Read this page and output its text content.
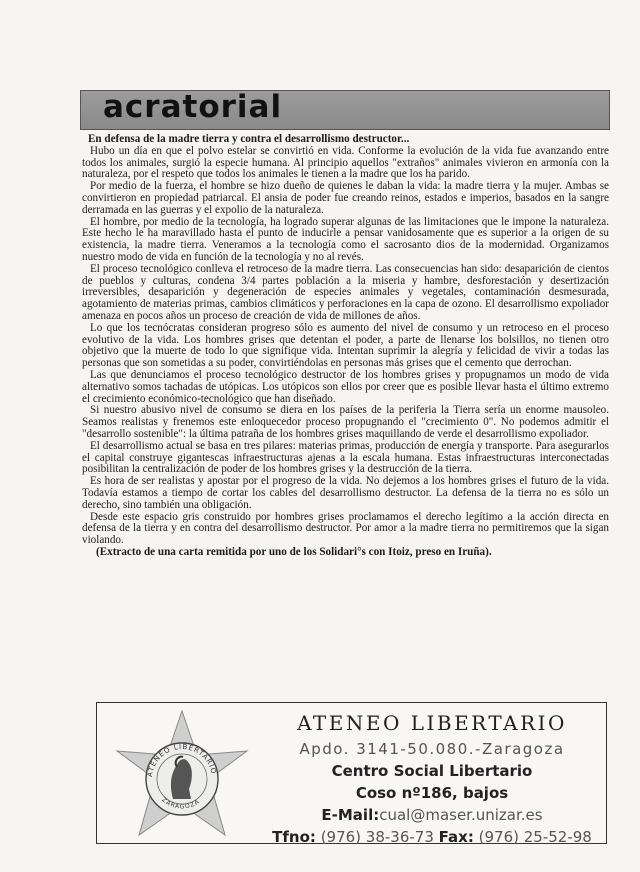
acratorial

En defensa de la madre tierra y contra el desarrollismo destructor...

Hubo un día en que el polvo estelar se convirtió en vida. Conforme la evolución de la vida fue avanzando entre todos los animales, surgió la especie humana. Al principio aquellos "extraños" animales vivieron en armonía con la naturaleza, por el respeto que todos los animales le tienen a la madre que los ha parido.

Por medio de la fuerza, el hombre se hizo dueño de quienes le daban la vida: la madre tierra y la mujer. Ambas se convirtieron en propiedad patriarcal. El ansia de poder fue creando reinos, estados e imperios, basados en la sangre derramada en las guerras y el expolio de la naturaleza.

El hombre, por medio de la tecnología, ha logrado superar algunas de las limitaciones que le impone la naturaleza. Este hecho le ha maravillado hasta el punto de inducirle a pensar vanidosamente que es superior a la origen de su existencia, la madre tierra. Veneramos a la tecnología como el sacrosanto dios de la modernidad. Organizamos nuestro modo de vida en función de la tecnología y no al revés.

El proceso tecnológico conlleva el retroceso de la madre tierra. Las consecuencias han sido: desaparición de cientos de pueblos y culturas, condena 3/4 partes población a la miseria y hambre, desforestación y desertización irreversibles, desaparición y degeneración de especies animales y vegetales, contaminación desmesurada, agotamiento de materias primas, cambios climáticos y perforaciones en la capa de ozono. El desarrollismo expoliador amenaza en pocos años un proceso de creación de vida de millones de años.

Lo que los tecnócratas consideran progreso sólo es aumento del nivel de consumo y un retroceso en el proceso evolutivo de la vida. Los hombres grises que detentan el poder, a parte de llenarse los bolsillos, no tienen otro objetivo que la muerte de todo lo que signifique vida. Intentan suprimir la alegría y felicidad de vivir a todas las personas que son sometidas a su poder, convirtiéndolas en personas más grises que el cemento que derrochan.

Las que denunciamos el proceso tecnológico destructor de los hombres grises y propugnamos un modo de vida alternativo somos tachadas de utópicas. Los utópicos son ellos por creer que es posible llevar hasta el último extremo el crecimiento económico-tecnológico que han diseñado.

Si nuestro abusivo nivel de consumo se diera en los países de la periferia la Tierra sería un enorme mausoleo. Seamos realistas y frenemos este enloquecedor proceso propugnando el "crecimiento 0". No podemos admitir el "desarrollo sostenible": la última patraña de los hombres grises maquillando de verde el desarrollismo expoliador.

El desarrollismo actual se basa en tres pilares: materias primas, producción de energía y transporte. Para asegurarlos el capital construye gigantescas infraestructuras ajenas a la escala humana. Estas infraestructuras interconectadas posibilitan la centralización de poder de los hombres grises y la destrucción de la tierra.

Es hora de ser realistas y apostar por el progreso de la vida. No dejemos a los hombres grises el futuro de la vida. Todavía estamos a tiempo de cortar los cables del desarrollismo destructor. La defensa de la tierra no es sólo un derecho, sino también una obligación.

Desde este espacio gris construido por hombres grises proclamamos el derecho legítimo a la acción directa en defensa de la tierra y en contra del desarrollismo destructor. Por amor a la madre tierra no permitiremos que la sigan violando.

(Extracto de una carta remitida por uno de los Solidari°s con Itoiz, preso en Iruña).

ATENEO LIBERTARIO
ZARAGOZA
ATENEO LIBERTARIO
Apdo. 3141-50.080.-Zaragoza
Centro Social Libertario
Coso nº186, bajos
E-Mail:cual@maser.unizar.es
Tfno: (976) 38-36-73 Fax: (976) 25-52-98
